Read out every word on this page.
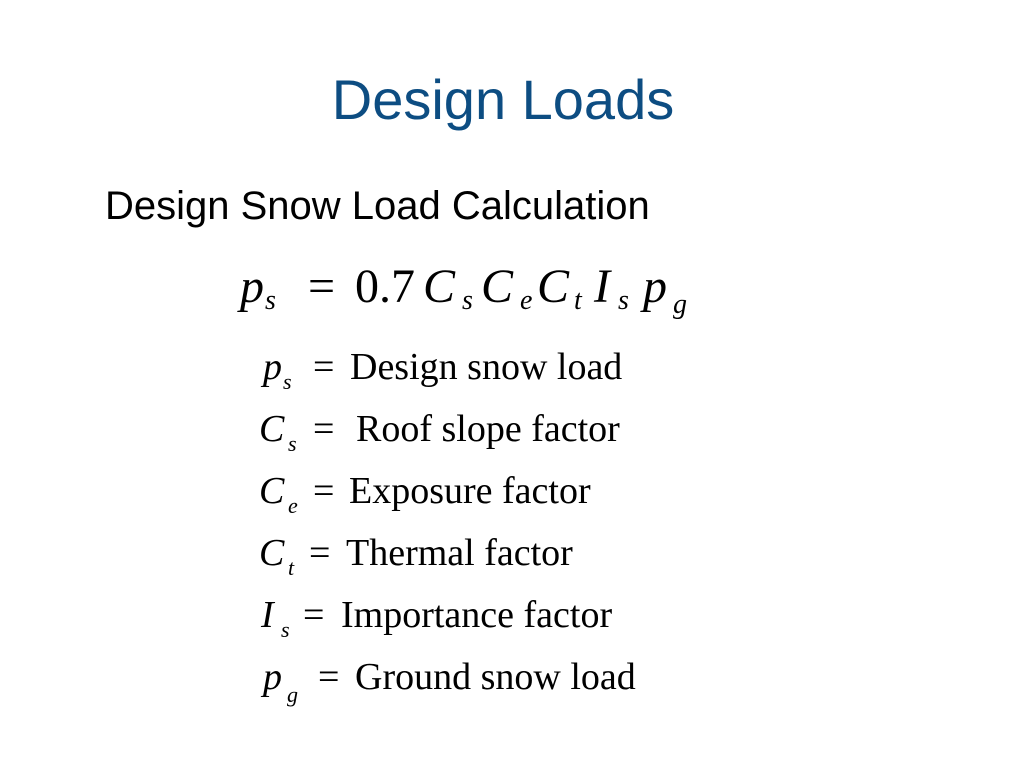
Design Loads
Design Snow Load Calculation
p s = 0.7 C s C e C t I s p g
p s = Design snow load
C s = Roof slope factor
C e = Exposure factor
C t = Thermal factor
I s = Importance factor
p g = Ground snow load
